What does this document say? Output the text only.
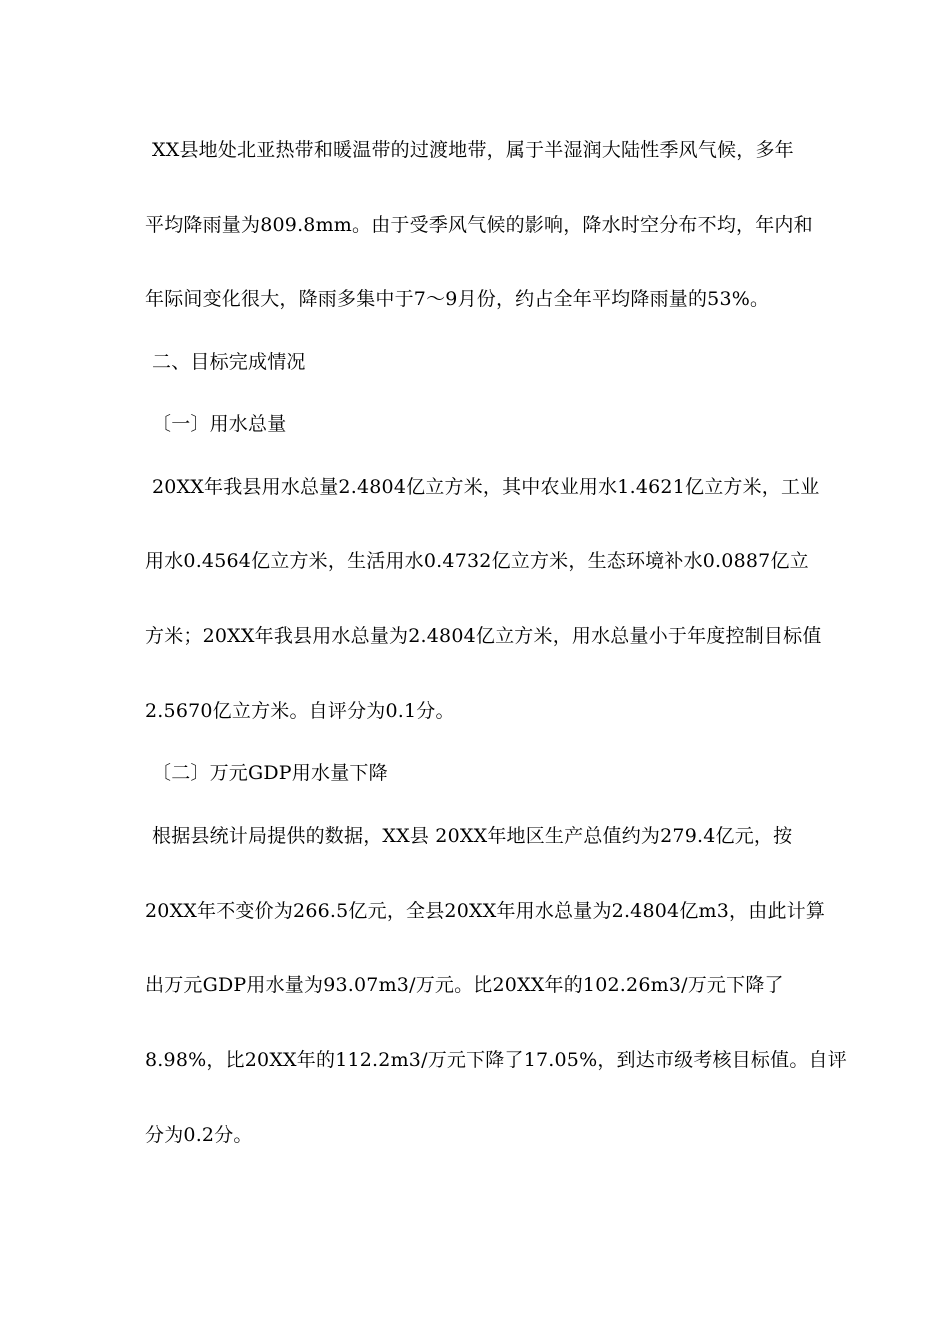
XX县地处北亚热带和暖温带的过渡地带，属于半湿润大陆性季风气候，多年
平均降雨量为809.8mm。由于受季风气候的影响，降水时空分布不均，年内和
年际间变化很大，降雨多集中于7～9月份，约占全年平均降雨量的53%。
二、目标完成情况
〔一〕用水总量
20XX年我县用水总量2.4804亿立方米，其中农业用水1.4621亿立方米，工业
用水0.4564亿立方米，生活用水0.4732亿立方米，生态环境补水0.0887亿立
方米；20XX年我县用水总量为2.4804亿立方米，用水总量小于年度控制目标值
2.5670亿立方米。自评分为0.1分。
〔二〕万元GDP用水量下降
根据县统计局提供的数据，XX县 20XX年地区生产总值约为279.4亿元，按
20XX年不变价为266.5亿元，全县20XX年用水总量为2.4804亿m3，由此计算
出万元GDP用水量为93.07m3/万元。比20XX年的102.26m3/万元下降了
8.98%，比20XX年的112.2m3/万元下降了17.05%，到达市级考核目标值。自评
分为0.2分。
